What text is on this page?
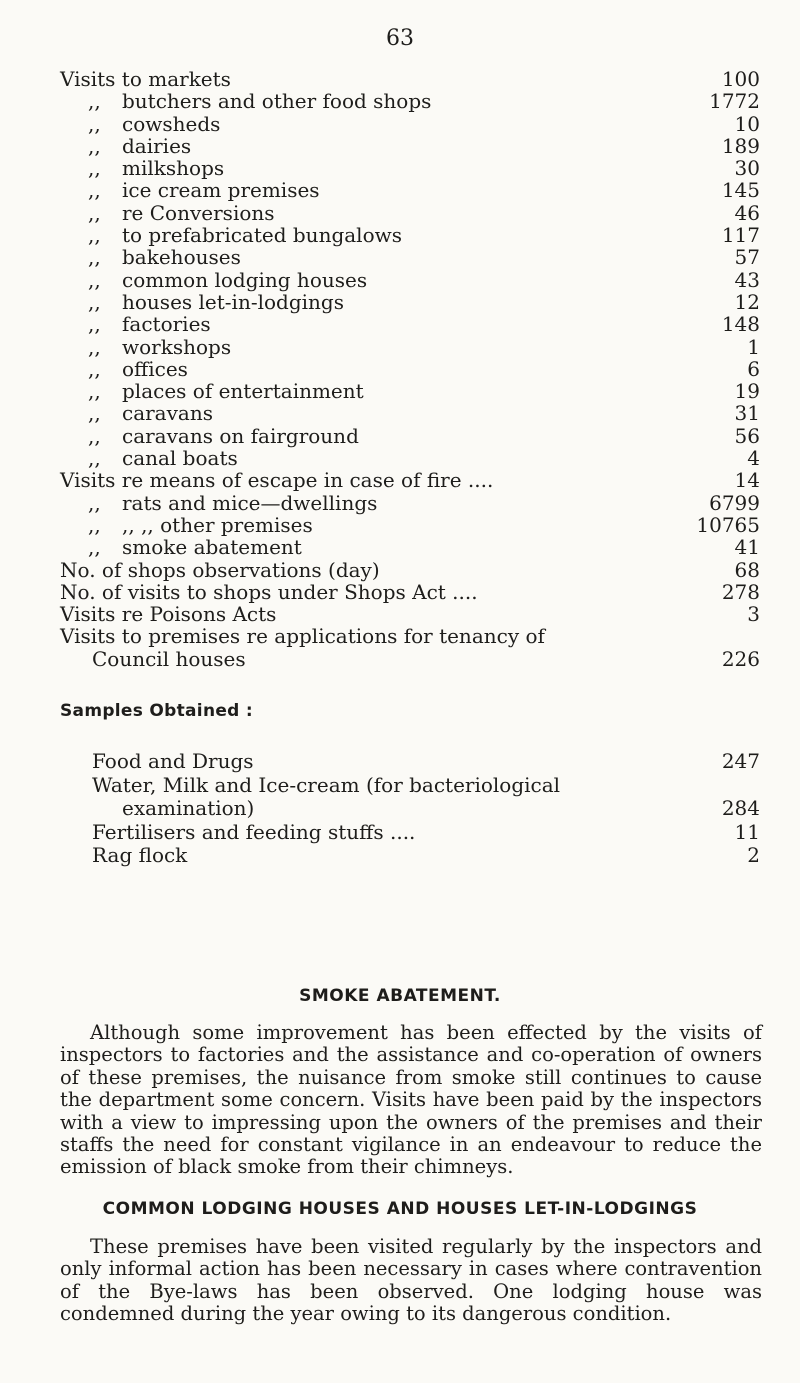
63
Visits to markets	100
,, butchers and other food shops	1772
,, cowsheds	10
,, dairies	189
,, milkshops	30
,, ice cream premises	145
,, re Conversions	46
,, to prefabricated bungalows	117
,, bakehouses	57
,, common lodging houses	43
,, houses let-in-lodgings	12
,, factories	148
,, workshops	1
,, offices	6
,, places of entertainment	19
,, caravans	31
,, caravans on fairground	56
,, canal boats	4
Visits re means of escape in case of fire ....	14
,, rats and mice—dwellings	6799
,, ,, ,, other premises	10765
,, smoke abatement	41
No. of shops observations (day)	68
No. of visits to shops under Shops Act ....	278
Visits re Poisons Acts	3
Visits to premises re applications for tenancy of
Council houses	226
Samples Obtained :
Food and Drugs	247
Water, Milk and Ice-cream (for bacteriological
examination)	284
Fertilisers and feeding stuffs ....	11
Rag flock	2
SMOKE ABATEMENT.
Although some improvement has been effected by the visits of inspectors to factories and the assistance and co-operation of owners of these premises, the nuisance from smoke still continues to cause the department some concern. Visits have been paid by the inspectors with a view to impressing upon the owners of the premises and their staffs the need for constant vigilance in an endeavour to reduce the emission of black smoke from their chimneys.
COMMON LODGING HOUSES AND HOUSES LET-IN-LODGINGS
These premises have been visited regularly by the inspectors and only informal action has been necessary in cases where contravention of the Bye-laws has been observed. One lodging house was condemned during the year owing to its dangerous condition.
